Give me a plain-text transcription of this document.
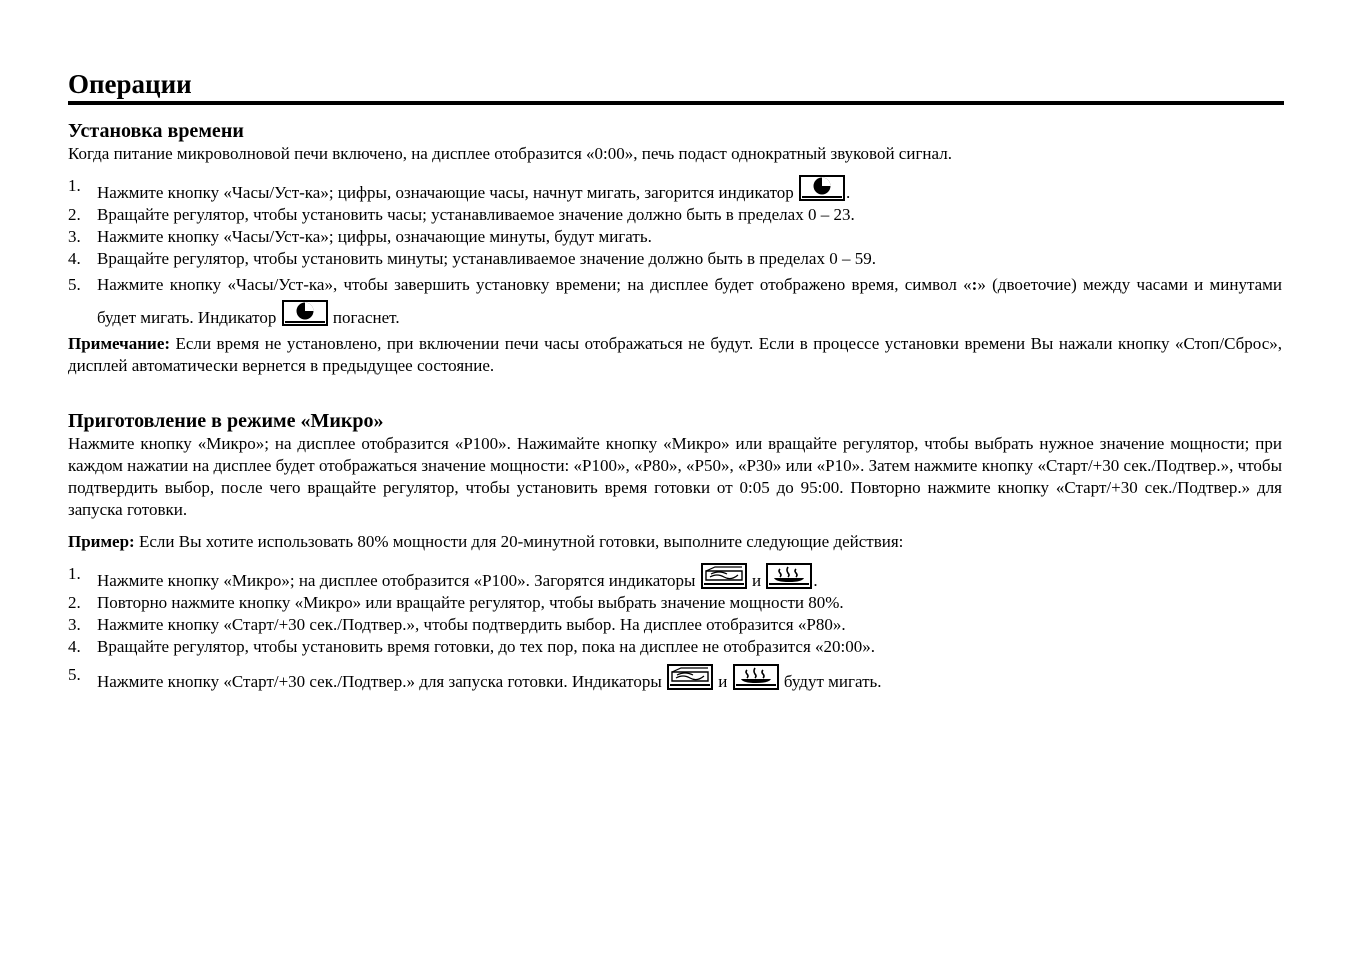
Операции
Установка времени
Когда питание микроволновой печи включено, на дисплее отобразится «0:00», печь подаст однократный звуковой сигнал.
1. Нажмите кнопку «Часы/Уст-ка»; цифры, означающие часы, начнут мигать, загорится индикатор	.
2. Вращайте регулятор, чтобы установить часы; устанавливаемое значение должно быть в пределах 0 – 23.
3. Нажмите кнопку «Часы/Уст-ка»; цифры, означающие минуты, будут мигать.
4. Вращайте регулятор, чтобы установить минуты; устанавливаемое значение должно быть в пределах 0 – 59.
5. Нажмите кнопку «Часы/Уст-ка», чтобы завершить установку времени; на дисплее будет отображено время, символ «:» (двоеточие) между часами и минутами будет мигать. Индикатор	погаснет.
Примечание: Если время не установлено, при включении печи часы отображаться не будут. Если в процессе установки времени Вы нажали кнопку «Стоп/Сброс», дисплей автоматически вернется в предыдущее состояние.
Приготовление в режиме «Микро»
Нажмите кнопку «Микро»; на дисплее отобразится «P100». Нажимайте кнопку «Микро» или вращайте регулятор, чтобы выбрать нужное значение мощности; при каждом нажатии на дисплее будет отображаться значение мощности: «P100», «P80», «P50», «P30» или «P10». Затем нажмите кнопку «Старт/+30 сек./Подтвер.», чтобы подтвердить выбор, после чего вращайте регулятор, чтобы установить время готовки от 0:05 до 95:00. Повторно нажмите кнопку «Старт/+30 сек./Подтвер.» для запуска готовки.
Пример: Если Вы хотите использовать 80% мощности для 20-минутной готовки, выполните следующие действия:
1. Нажмите кнопку «Микро»; на дисплее отобразится «P100». Загорятся индикаторы	и	.
2. Повторно нажмите кнопку «Микро» или вращайте регулятор, чтобы выбрать значение мощности 80%.
3. Нажмите кнопку «Старт/+30 сек./Подтвер.», чтобы подтвердить выбор. На дисплее отобразится «P80».
4. Вращайте регулятор, чтобы установить время готовки, до тех пор, пока на дисплее не отобразится «20:00».
5. Нажмите кнопку «Старт/+30 сек./Подтвер.» для запуска готовки. Индикаторы	и	будут мигать.
